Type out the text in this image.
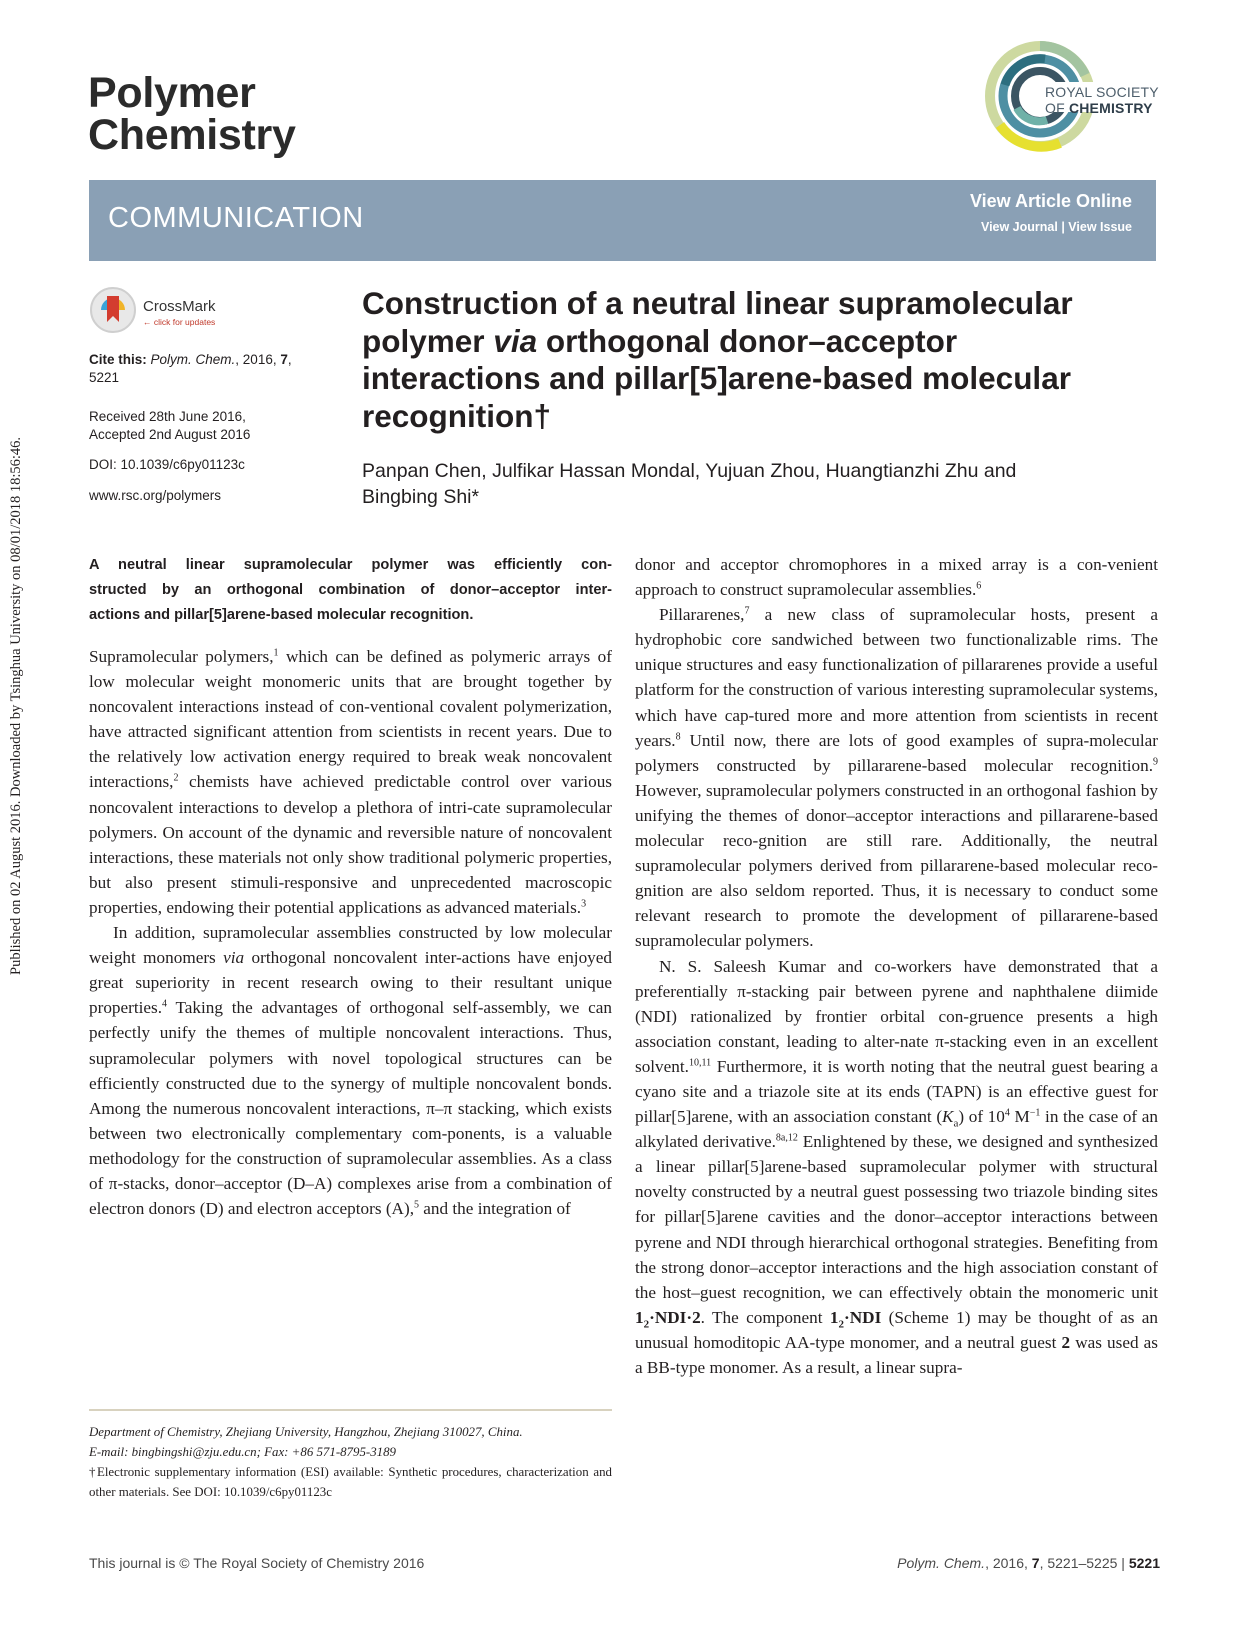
Published on 02 August 2016. Downloaded by Tsinghua University on 08/01/2018 18:56:46.
Polymer
Chemistry
ROYAL SOCIETY
OF CHEMISTRY
COMMUNICATION
View Article Online
View Journal | View Issue
CrossMark
← click for updates
Cite this: Polym. Chem., 2016, 7,
5221
Received 28th June 2016,
Accepted 2nd August 2016
DOI: 10.1039/c6py01123c
www.rsc.org/polymers
Construction of a neutral linear supramolecular
polymer via orthogonal donor–acceptor
interactions and pillar[5]arene-based molecular
recognition†
Panpan Chen, Julfikar Hassan Mondal, Yujuan Zhou, Huangtianzhi Zhu and
Bingbing Shi*
A neutral linear supramolecular polymer was efficiently con-
structed by an orthogonal combination of donor–acceptor inter-
actions and pillar[5]arene-based molecular recognition.

Supramolecular polymers,$^1$ which can be defined as polymeric arrays of low molecular weight monomeric units that are brought together by noncovalent interactions instead of con-ventional covalent polymerization, have attracted significant attention from scientists in recent years. Due to the relatively low activation energy required to break weak noncovalent interactions,$^2$ chemists have achieved predictable control over various noncovalent interactions to develop a plethora of intri-cate supramolecular polymers. On account of the dynamic and reversible nature of noncovalent interactions, these materials not only show traditional polymeric properties, but also present stimuli-responsive and unprecedented macroscopic properties, endowing their potential applications as advanced materials.$^3$

In addition, supramolecular assemblies constructed by low molecular weight monomers via orthogonal noncovalent inter-actions have enjoyed great superiority in recent research owing to their resultant unique properties.$^4$ Taking the advantages of orthogonal self-assembly, we can perfectly unify the themes of multiple noncovalent interactions. Thus, supramolecular polymers with novel topological structures can be efficiently constructed due to the synergy of multiple noncovalent bonds. Among the numerous noncovalent interactions, π–π stacking, which exists between two electronically complementary com-ponents, is a valuable methodology for the construction of supramolecular assemblies. As a class of π-stacks, donor–acceptor (D–A) complexes arise from a combination of electron donors (D) and electron acceptors (A),$^5$ and the integration of

donor and acceptor chromophores in a mixed array is a con-venient approach to construct supramolecular assemblies.$^6$

Pillararenes,$^7$ a new class of supramolecular hosts, present a hydrophobic core sandwiched between two functionalizable rims. The unique structures and easy functionalization of pillararenes provide a useful platform for the construction of various interesting supramolecular systems, which have cap-tured more and more attention from scientists in recent years.$^8$ Until now, there are lots of good examples of supra-molecular polymers constructed by pillararene-based molecular recognition.$^9$ However, supramolecular polymers constructed in an orthogonal fashion by unifying the themes of donor–acceptor interactions and pillararene-based molecular reco-gnition are still rare. Additionally, the neutral supramolecular polymers derived from pillararene-based molecular reco-gnition are also seldom reported. Thus, it is necessary to conduct some relevant research to promote the development of pillararene-based supramolecular polymers.

N. S. Saleesh Kumar and co-workers have demonstrated that a preferentially π-stacking pair between pyrene and naphthalene diimide (NDI) rationalized by frontier orbital con-gruence presents a high association constant, leading to alter-nate π-stacking even in an excellent solvent.$^{10,11}$ Furthermore, it is worth noting that the neutral guest bearing a cyano site and a triazole site at its ends (TAPN) is an effective guest for pillar[5]arene, with an association constant $(K_a)$ of $10^4$ $M^{-1}$ in the case of an alkylated derivative.$^{8a,12}$ Enlightened by these, we designed and synthesized a linear pillar[5]arene-based supramolecular polymer with structural novelty constructed by a neutral guest possessing two triazole binding sites for pillar[5]arene cavities and the donor–acceptor interactions between pyrene and NDI through hierarchical orthogonal strategies. Benefiting from the strong donor–acceptor interactions and the high association constant of the host–guest recognition, we can effectively obtain the monomeric unit $1_2\cdot NDI\cdot 2$. The component $1_2\cdot NDI$ (Scheme 1) may be thought of as an unusual homoditopic AA-type monomer, and a neutral guest 2 was used as a BB-type monomer. As a result, a linear supra-

Department of Chemistry, Zhejiang University, Hangzhou, Zhejiang 310027, China.
E-mail: bingbingshi@zju.edu.cn; Fax: +86 571-8795-3189
†Electronic supplementary information (ESI) available: Synthetic procedures, characterization and other materials. See DOI: 10.1039/c6py01123c
This journal is © The Royal Society of Chemistry 2016	Polym. Chem., 2016, 7, 5221–5225 | 5221
